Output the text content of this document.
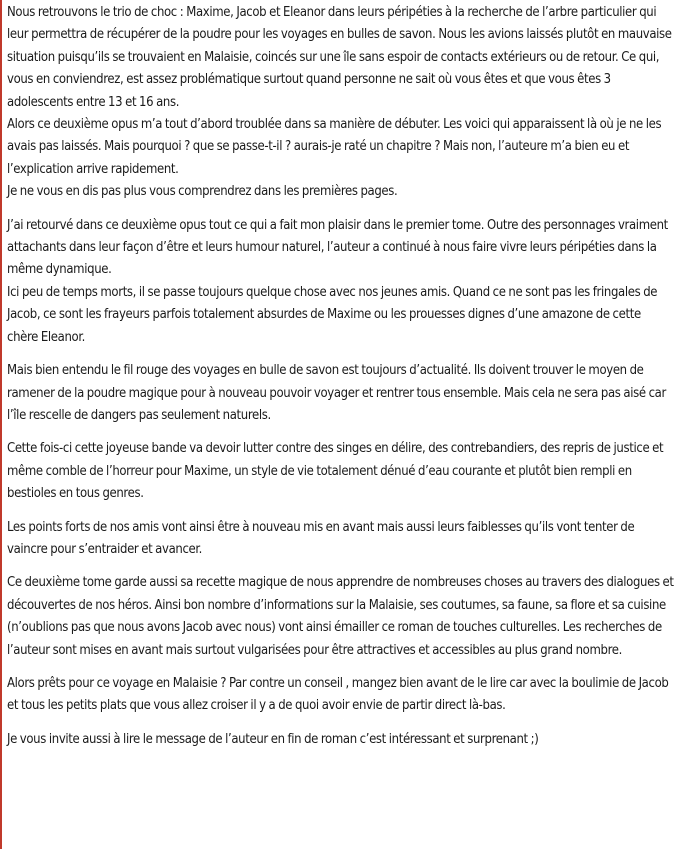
Nous retrouvons le trio de choc : Maxime, Jacob et Eleanor dans leurs péripéties à la recherche de l’arbre particulier qui leur permettra de récupérer de la poudre pour les voyages en bulles de savon. Nous les avions laissés plutôt en mauvaise situation puisqu’ils se trouvaient en Malaisie, coincés sur une île sans espoir de contacts extérieurs ou de retour. Ce qui, vous en conviendrez, est assez problématique surtout quand personne ne sait où vous êtes et que vous êtes 3 adolescents entre 13 et 16 ans.
Alors ce deuxième opus m’a tout d’abord troublée dans sa manière de débuter. Les voici qui apparaissent là où je ne les avais pas laissés. Mais pourquoi ? que se passe-t-il ? aurais-je raté un chapitre ? Mais non, l’auteure m’a bien eu et l’explication arrive rapidement.
Je ne vous en dis pas plus vous comprendrez dans les premières pages.

J’ai retourvé dans ce deuxième opus tout ce qui a fait mon plaisir dans le premier tome. Outre des personnages vraiment attachants dans leur façon d’être et leurs humour naturel, l’auteur a continué à nous faire vivre leurs péripéties dans la même dynamique.
Ici peu de temps morts, il se passe toujours quelque chose avec nos jeunes amis. Quand ce ne sont pas les fringales de Jacob, ce sont les frayeurs parfois totalement absurdes de Maxime ou les prouesses dignes d’une amazone de cette chère Eleanor.

Mais bien entendu le fil rouge des voyages en bulle de savon est toujours d’actualité. Ils doivent trouver le moyen de ramener de la poudre magique pour à nouveau pouvoir voyager et rentrer tous ensemble. Mais cela ne sera pas aisé car l’île rescelle de dangers pas seulement naturels.

Cette fois-ci cette joyeuse bande va devoir lutter contre des singes en délire, des contrebandiers, des repris de justice et même comble de l’horreur pour Maxime, un style de vie totalement dénué d’eau courante et plutôt bien rempli en bestioles en tous genres.

Les points forts de nos amis vont ainsi être à nouveau mis en avant mais aussi leurs faiblesses qu’ils vont tenter de vaincre pour s’entraider et avancer.

Ce deuxième tome garde aussi sa recette magique de nous apprendre de nombreuses choses au travers des dialogues et découvertes de nos héros. Ainsi bon nombre d’informations sur la Malaisie, ses coutumes, sa faune, sa flore et sa cuisine (n’oublions pas que nous avons Jacob avec nous) vont ainsi émailler ce roman de touches culturelles. Les recherches de l’auteur sont mises en avant mais surtout vulgarisées pour être attractives et accessibles au plus grand nombre.

Alors prêts pour ce voyage en Malaisie ? Par contre un conseil , mangez bien avant de le lire car avec la boulimie de Jacob et tous les petits plats que vous allez croiser il y a de quoi avoir envie de partir direct là-bas.

Je vous invite aussi à lire le message de l’auteur en fin de roman c’est intéressant et surprenant ;)
